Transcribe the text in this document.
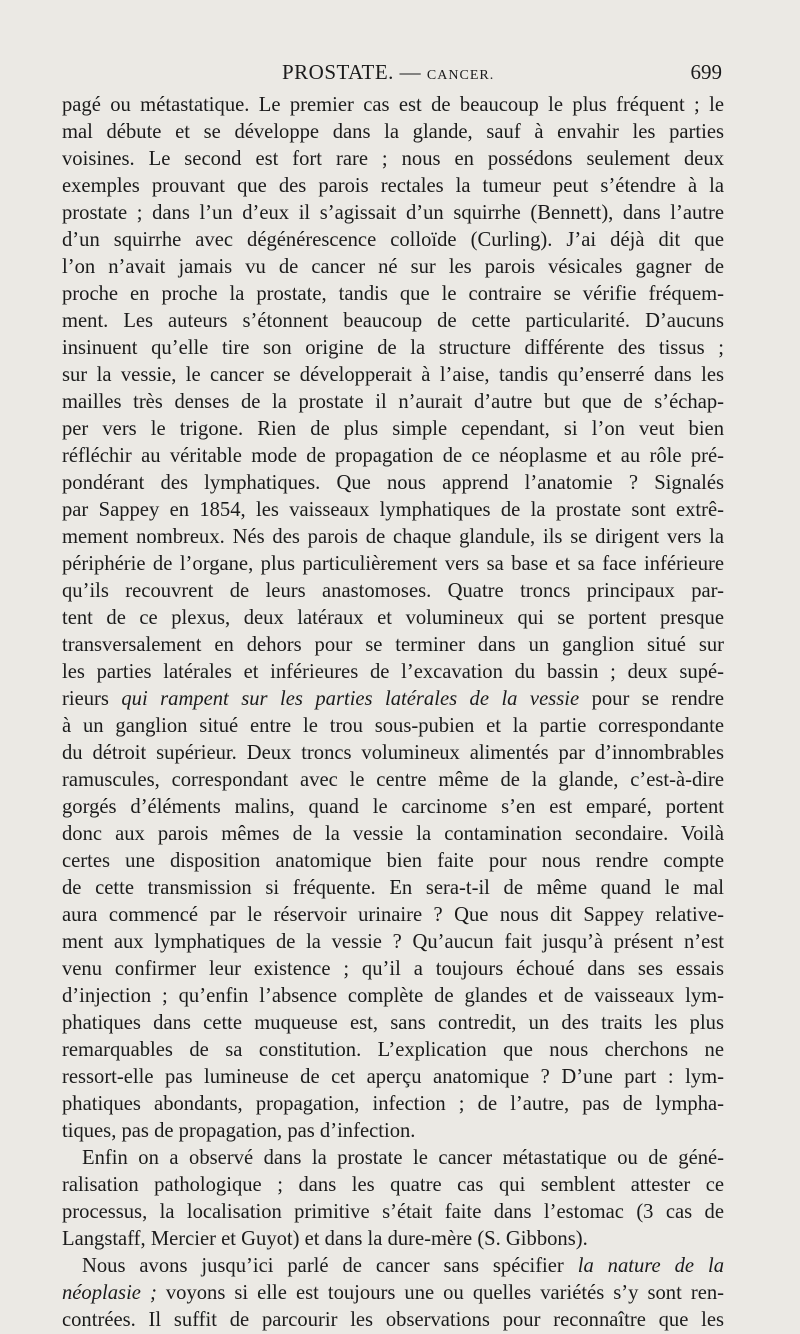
PROSTATE. — CANCER.	699
pagé ou métastatique. Le premier cas est de beaucoup le plus fréquent ; le
mal débute et se développe dans la glande, sauf à envahir les parties
voisines. Le second est fort rare ; nous en possédons seulement deux
exemples prouvant que des parois rectales la tumeur peut s’étendre à la
prostate ; dans l’un d’eux il s’agissait d’un squirrhe (Bennett), dans l’autre
d’un squirrhe avec dégénérescence colloïde (Curling). J’ai déjà dit que
l’on n’avait jamais vu de cancer né sur les parois vésicales gagner de
proche en proche la prostate, tandis que le contraire se vérifie fréquem-
ment. Les auteurs s’étonnent beaucoup de cette particularité. D’aucuns
insinuent qu’elle tire son origine de la structure différente des tissus ;
sur la vessie, le cancer se développerait à l’aise, tandis qu’enserré dans les
mailles très denses de la prostate il n’aurait d’autre but que de s’échap-
per vers le trigone. Rien de plus simple cependant, si l’on veut bien
réfléchir au véritable mode de propagation de ce néoplasme et au rôle pré-
pondérant des lymphatiques. Que nous apprend l’anatomie ? Signalés
par Sappey en 1854, les vaisseaux lymphatiques de la prostate sont extrê-
mement nombreux. Nés des parois de chaque glandule, ils se dirigent vers la
périphérie de l’organe, plus particulièrement vers sa base et sa face inférieure
qu’ils recouvrent de leurs anastomoses. Quatre troncs principaux par-
tent de ce plexus, deux latéraux et volumineux qui se portent presque
transversalement en dehors pour se terminer dans un ganglion situé sur
les parties latérales et inférieures de l’excavation du bassin ; deux supé-
rieurs qui rampent sur les parties latérales de la vessie pour se rendre
à un ganglion situé entre le trou sous-pubien et la partie correspondante
du détroit supérieur. Deux troncs volumineux alimentés par d’innombrables
ramuscules, correspondant avec le centre même de la glande, c’est-à-dire
gorgés d’éléments malins, quand le carcinome s’en est emparé, portent
donc aux parois mêmes de la vessie la contamination secondaire. Voilà
certes une disposition anatomique bien faite pour nous rendre compte
de cette transmission si fréquente. En sera-t-il de même quand le mal
aura commencé par le réservoir urinaire ? Que nous dit Sappey relative-
ment aux lymphatiques de la vessie ? Qu’aucun fait jusqu’à présent n’est
venu confirmer leur existence ; qu’il a toujours échoué dans ses essais
d’injection ; qu’enfin l’absence complète de glandes et de vaisseaux lym-
phatiques dans cette muqueuse est, sans contredit, un des traits les plus
remarquables de sa constitution. L’explication que nous cherchons ne
ressort-elle pas lumineuse de cet aperçu anatomique ? D’une part : lym-
phatiques abondants, propagation, infection ; de l’autre, pas de lympha-
tiques, pas de propagation, pas d’infection.
Enfin on a observé dans la prostate le cancer métastatique ou de géné-
ralisation pathologique ; dans les quatre cas qui semblent attester ce
processus, la localisation primitive s’était faite dans l’estomac (3 cas de
Langstaff, Mercier et Guyot) et dans la dure-mère (S. Gibbons).
Nous avons jusqu’ici parlé de cancer sans spécifier la nature de la
néoplasie ; voyons si elle est toujours une ou quelles variétés s’y sont ren-
contrées. Il suffit de parcourir les observations pour reconnaître que les
